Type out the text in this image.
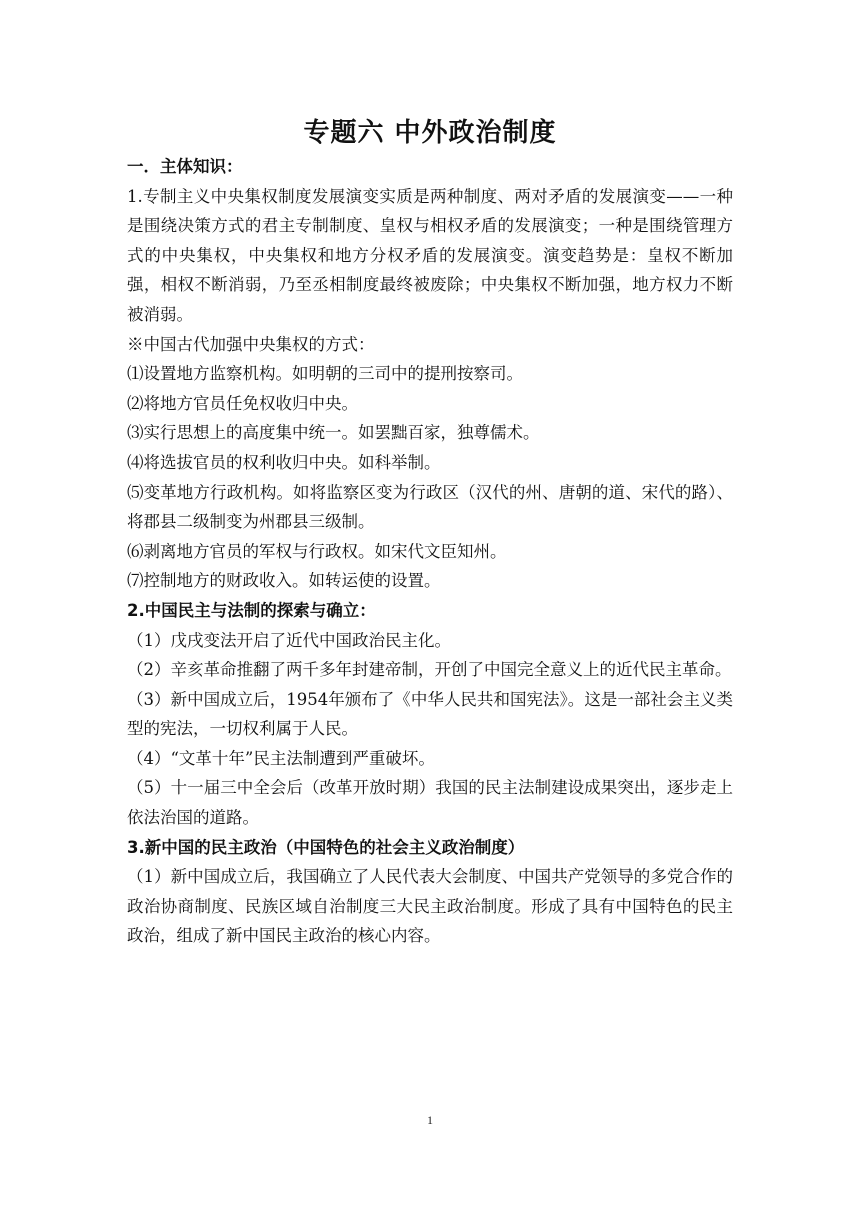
专题六 中外政治制度

一．主体知识：

1.专制主义中央集权制度发展演变实质是两种制度、两对矛盾的发展演变——一种是围绕决策方式的君主专制制度、皇权与相权矛盾的发展演变；一种是围绕管理方式的中央集权，中央集权和地方分权矛盾的发展演变。演变趋势是：皇权不断加强，相权不断消弱，乃至丞相制度最终被废除；中央集权不断加强，地方权力不断被消弱。

※中国古代加强中央集权的方式：

⑴设置地方监察机构。如明朝的三司中的提刑按察司。

⑵将地方官员任免权收归中央。

⑶实行思想上的高度集中统一。如罢黜百家，独尊儒术。

⑷将选拔官员的权利收归中央。如科举制。

⑸变革地方行政机构。如将监察区变为行政区（汉代的州、唐朝的道、宋代的路）、将郡县二级制变为州郡县三级制。

⑹剥离地方官员的军权与行政权。如宋代文臣知州。

⑺控制地方的财政收入。如转运使的设置。

2.中国民主与法制的探索与确立：

（1）戊戌变法开启了近代中国政治民主化。

（2）辛亥革命推翻了两千多年封建帝制，开创了中国完全意义上的近代民主革命。

（3）新中国成立后，1954年颁布了《中华人民共和国宪法》。这是一部社会主义类型的宪法，一切权利属于人民。

（4）“文革十年”民主法制遭到严重破坏。

（5）十一届三中全会后（改革开放时期）我国的民主法制建设成果突出，逐步走上依法治国的道路。

3.新中国的民主政治（中国特色的社会主义政治制度）

（1）新中国成立后，我国确立了人民代表大会制度、中国共产党领导的多党合作的政治协商制度、民族区域自治制度三大民主政治制度。形成了具有中国特色的民主政治，组成了新中国民主政治的核心内容。

1
